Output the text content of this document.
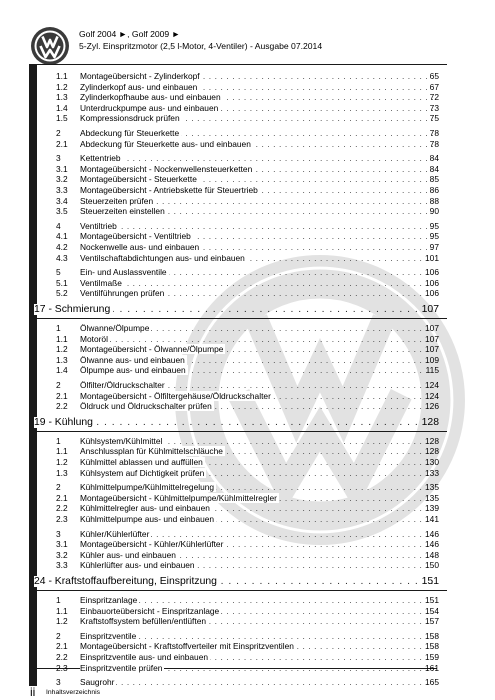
Golf 2004 ►, Golf 2009 ►
5-Zyl. Einspritzmotor (2,5 l-Motor, 4-Ventiler) - Ausgabe 07.2014
1.1 Montageübersicht - Zylinderkopf . . .	65
1.2 Zylinderkopf aus- und einbauen . . .	67
1.3 Zylinderkopfhaube aus- und einbauen . . .	72
1.4 Unterdruckpumpe aus- und einbauen . . .	73
1.5 Kompressionsdruck prüfen . . .	75
2 Abdeckung für Steuerkette . . .	78
2.1 Abdeckung für Steuerkette aus- und einbauen . . .	78
3 Kettentrieb . . .	84
3.1 Montageübersicht - Nockenwellensteuerketten . . .	84
3.2 Montageübersicht - Steuerkette . . .	85
3.3 Montageübersicht - Antriebskette für Steuertrieb . . .	86
3.4 Steuerzeiten prüfen . . .	88
3.5 Steuerzeiten einstellen . . .	90
4 Ventiltrieb . . .	95
4.1 Montageübersicht - Ventiltrieb . . .	95
4.2 Nockenwelle aus- und einbauen . . .	97
4.3 Ventilschaftabdichtungen aus- und einbauen . . .	101
5 Ein- und Auslassventile . . .	106
5.1 Ventilmaße . . .	106
5.2 Ventilführungen prüfen . . .	106
17 - Schmierung . . .	107
1 Ölwanne/Ölpumpe . . .	107
1.1 Motoröl . . .	107
1.2 Montageübersicht - Ölwanne/Ölpumpe . . .	107
1.3 Ölwanne aus- und einbauen . . .	109
1.4 Ölpumpe aus- und einbauen . . .	115
2 Ölfilter/Öldruckschalter . . .	124
2.1 Montageübersicht - Ölfiltergehäuse/Öldruckschalter . . .	124
2.2 Öldruck und Öldruckschalter prüfen . . .	126
19 - Kühlung . . .	128
1 Kühlsystem/Kühlmittel . . .	128
1.1 Anschlussplan für Kühlmittelschläuche . . .	128
1.2 Kühlmittel ablassen und auffüllen . . .	130
1.3 Kühlsystem auf Dichtigkeit prüfen . . .	133
2 Kühlmittelpumpe/Kühlmittelregelung . . .	135
2.1 Montageübersicht - Kühlmittelpumpe/Kühlmittelregler . . .	135
2.2 Kühlmittelregler aus- und einbauen . . .	139
2.3 Kühlmittelpumpe aus- und einbauen . . .	141
3 Kühler/Kühlerlüfter . . .	146
3.1 Montageübersicht - Kühler/Kühlerlüfter . . .	146
3.2 Kühler aus- und einbauen . . .	148
3.3 Kühlerlüfter aus- und einbauen . . .	150
24 - Kraftstoffaufbereitung, Einspritzung . . .	151
1 Einspritzanlage . . .	151
1.1 Einbauorteübersicht - Einspritzanlage . . .	154
1.2 Kraftstoffsystem befüllen/entlüften . . .	157
2 Einspritzventile . . .	158
2.1 Montageübersicht - Kraftstoffverteiler mit Einspritzventilen . . .	158
2.2 Einspritzventile aus- und einbauen . . .	159
2.3 Einspritzventile prüfen . . .	161
3 Saugrohr . . .	165
ii Inhaltsverzeichnis
